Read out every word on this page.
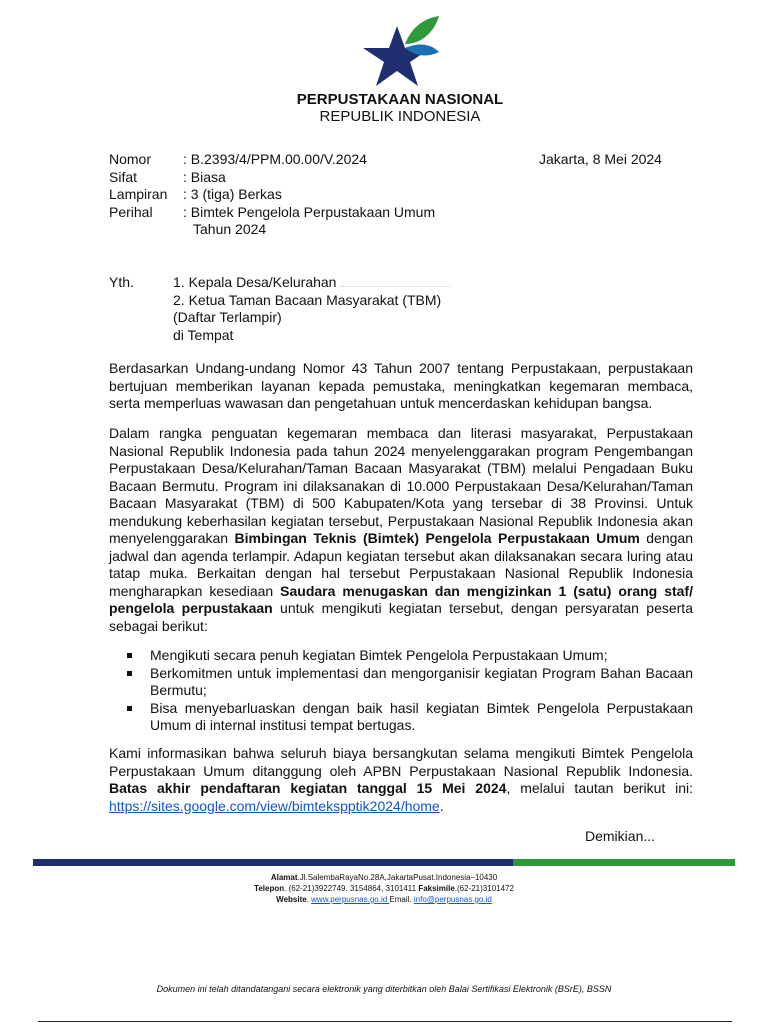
PERPUSTAKAAN NASIONAL
REPUBLIK INDONESIA
Nomor	: B.2393/4/PPM.00.00/V.2024
Sifat	: Biasa
Lampiran	: 3 (tiga) Berkas
Perihal	: Bimtek Pengelola Perpustakaan Umum
Tahun 2024
Jakarta, 8 Mei 2024
Yth.	1. Kepala Desa/Kelurahan
2. Ketua Taman Bacaan Masyarakat (TBM)
(Daftar Terlampir)
di Tempat
Berdasarkan Undang-undang Nomor 43 Tahun 2007 tentang Perpustakaan, perpustakaan bertujuan memberikan layanan kepada pemustaka, meningkatkan kegemaran membaca, serta memperluas wawasan dan pengetahuan untuk mencerdaskan kehidupan bangsa.
Dalam rangka penguatan kegemaran membaca dan literasi masyarakat, Perpustakaan Nasional Republik Indonesia pada tahun 2024 menyelenggarakan program Pengembangan Perpustakaan Desa/Kelurahan/Taman Bacaan Masyarakat (TBM) melalui Pengadaan Buku Bacaan Bermutu. Program ini dilaksanakan di 10.000 Perpustakaan Desa/Kelurahan/Taman Bacaan Masyarakat (TBM) di 500 Kabupaten/Kota yang tersebar di 38 Provinsi. Untuk mendukung keberhasilan kegiatan tersebut, Perpustakaan Nasional Republik Indonesia akan menyelenggarakan Bimbingan Teknis (Bimtek) Pengelola Perpustakaan Umum dengan jadwal dan agenda terlampir. Adapun kegiatan tersebut akan dilaksanakan secara luring atau tatap muka. Berkaitan dengan hal tersebut Perpustakaan Nasional Republik Indonesia mengharapkan kesediaan Saudara menugaskan dan mengizinkan 1 (satu) orang staf/ pengelola perpustakaan untuk mengikuti kegiatan tersebut, dengan persyaratan peserta sebagai berikut:
Mengikuti secara penuh kegiatan Bimtek Pengelola Perpustakaan Umum;
Berkomitmen untuk implementasi dan mengorganisir kegiatan Program Bahan Bacaan Bermutu;
Bisa menyebarluaskan dengan baik hasil kegiatan Bimtek Pengelola Perpustakaan Umum di internal institusi tempat bertugas.
Kami informasikan bahwa seluruh biaya bersangkutan selama mengikuti Bimtek Pengelola Perpustakaan Umum ditanggung oleh APBN Perpustakaan Nasional Republik Indonesia. Batas akhir pendaftaran kegiatan tanggal 15 Mei 2024, melalui tautan berikut ini: https://sites.google.com/view/bimtekspptik2024/home.
Demikian...
Alamat.Jl.SalembaRayaNo.28A,JakartaPusat.Indonesia–10430
Telepon. (62-21)3922749. 3154864, 3101411 Faksimile.(62-21)3101472
Website. www.perpusnas.go.id Email. info@perpusnas.go.id
Dokumen ini telah ditandatangani secara elektronik yang diterbitkan oleh Balai Sertifikasi Elektronik (BSrE), BSSN
